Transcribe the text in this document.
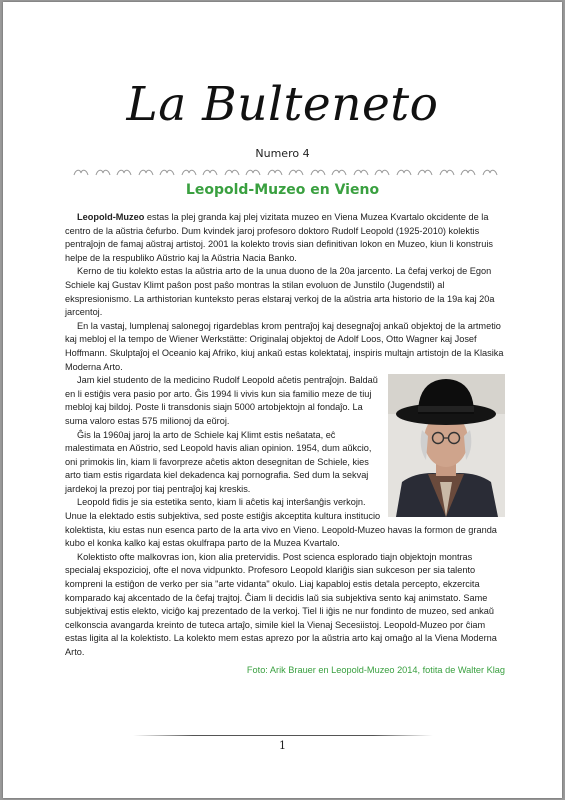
La Bulteneto
Numero 4
Leopold-Muzeo en Vieno

Leopold-Muzeo estas la plej granda kaj plej vizitata muzeo en Viena Muzea Kvartalo okcidente de la centro de la aŭstria ĉefurbo. Dum kvindek jaroj profesoro doktoro Rudolf Leopold (1925-2010) kolektis pentraĵojn de famaj aŭstraj artistoj. 2001 la kolekto trovis sian definitivan lokon en Muzeo, kiun li konstruis helpe de la respubliko Aŭstrio kaj la Aŭstria Nacia Banko.

Kerno de tiu kolekto estas la aŭstria arto de la unua duono de la 20a jarcento. La ĉefaj verkoj de Egon Schiele kaj Gustav Klimt paŝon post paŝo montras la stilan evoluon de Junstilo (Jugendstil) al ekspresionismo. La arthistorian kunteksto peras elstaraj verkoj de la aŭstria arta historio de la 19a kaj 20a jarcentoj.

En la vastaj, lumplenaj salonegoj rigardeblas krom pentraĵoj kaj desegnaĵoj ankaŭ objektoj de la artmetio kaj mebloj el la tempo de Wiener Werkstätte: Originalaj objektoj de Adolf Loos, Otto Wagner kaj Josef Hoffmann. Skulptaĵoj el Oceanio kaj Afriko, kiuj ankaŭ estas kolektataj, inspiris multajn artistojn de la Klasika Moderna Arto.

Jam kiel studento de la medicino Rudolf Leopold aĉetis pentraĵojn. Baldaŭ en li estiĝis vera pasio por arto. Ĝis 1994 li vivis kun sia familio meze de tiuj mebloj kaj bildoj. Poste li transdonis siajn 5000 artobjektojn al fondaĵo. La suma valoro estas 575 milionoj da eŭroj.

Ĝis la 1960aj jaroj la arto de Schiele kaj Klimt estis neŝatata, eĉ malestimata en Aŭstrio, sed Leopold havis alian opinion. 1954, dum aŭkcio, oni primokis lin, kiam li favorpreze aĉetis akton desegnitan de Schiele, kies arto tiam estis rigardata kiel dekadenca kaj pornografia. Sed dum la sekvaj jardekoj la prezoj por tiaj pentraĵoj kaj kreskis.

Leopold fidis je sia estetika sento, kiam li aĉetis kaj interŝanĝis verkojn. Unue la elektado estis subjektiva, sed poste estiĝis akceptita kultura institucio kolektista, kiu estas nun esenca parto de la arta vivo en Vieno. Leopold-Muzeo havas la formon de granda kubo el konka kalko kaj estas okulfrapa parto de la Muzea Kvartalo.

Kolektisto ofte malkovras ion, kion alia pretervidis. Post scienca esplorado tiajn objektojn montras specialaj ekspozicioj, ofte el nova vidpunkto. Profesoro Leopold klariĝis sian sukceson per sia talento kompreni la estiĝon de verko per sia "arte vidanta" okulo. Liaj kapabloj estis detala percepto, ekzercita komparado kaj akcentado de la ĉefaj trajtoj. Ĉiam li decidis laŭ sia subjektiva sento kaj animstato. Same subjektivaj estis elekto, viciĝo kaj prezentado de la verkoj. Tiel li iĝis ne nur fondinto de muzeo, sed ankaŭ celkonscia avangarda kreinto de tuteca artaĵo, simile kiel la Vienaj Secesiistoj. Leopold-Muzeo por ĉiam estas ligita al la kolektisto. La kolekto mem estas aprezo por la aŭstria arto kaj omaĝo al la Viena Moderna Arto.

Foto: Arik Brauer en Leopold-Muzeo 2014, fotita de Walter Klag
1
